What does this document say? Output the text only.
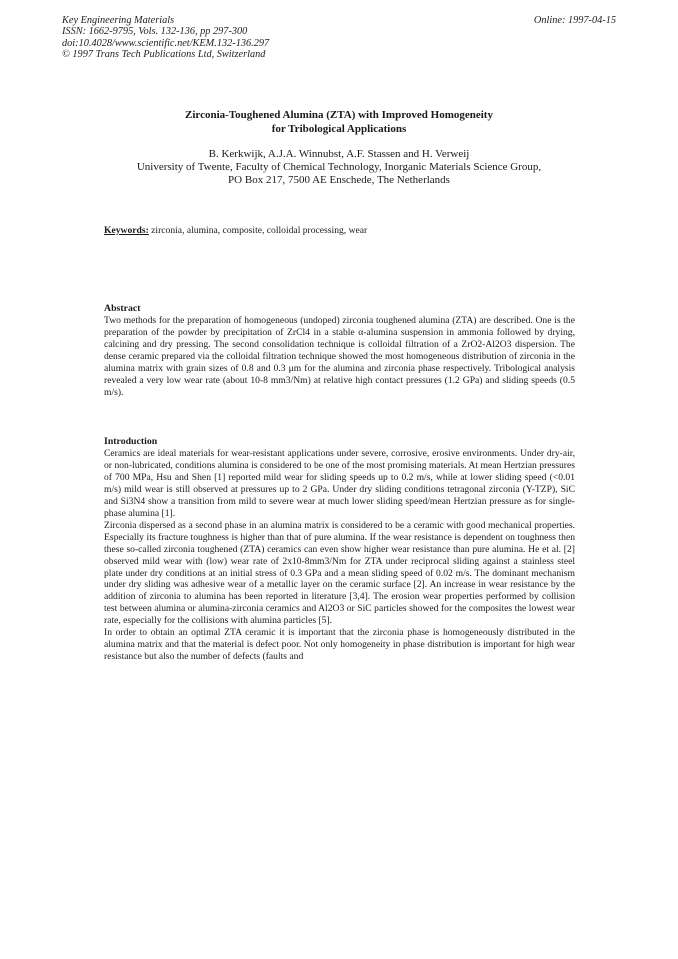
Key Engineering Materials
ISSN: 1662-9795, Vols. 132-136, pp 297-300
doi:10.4028/www.scientific.net/KEM.132-136.297
© 1997 Trans Tech Publications Ltd, Switzerland
Online: 1997-04-15
Zirconia-Toughened Alumina (ZTA) with Improved Homogeneity
for Tribological Applications
B. Kerkwijk, A.J.A. Winnubst, A.F. Stassen and H. Verweij
University of Twente, Faculty of Chemical Technology, Inorganic Materials Science Group,
PO Box 217, 7500 AE Enschede, The Netherlands
Keywords: zirconia, alumina, composite, colloidal processing, wear
Abstract

Two methods for the preparation of homogeneous (undoped) zirconia toughened alumina (ZTA) are described. One is the preparation of the powder by precipitation of ZrCl4 in a stable α-alumina suspension in ammonia followed by drying, calcining and dry pressing. The second consolidation technique is colloidal filtration of a ZrO2-Al2O3 dispersion. The dense ceramic prepared via the colloidal filtration technique showed the most homogeneous distribution of zirconia in the alumina matrix with grain sizes of 0.8 and 0.3 μm for the alumina and zirconia phase respectively. Tribological analysis revealed a very low wear rate (about 10-8 mm3/Nm) at relative high contact pressures (1.2 GPa) and sliding speeds (0.5 m/s).

Introduction

Ceramics are ideal materials for wear-resistant applications under severe, corrosive, erosive environments. Under dry-air, or non-lubricated, conditions alumina is considered to be one of the most promising materials. At mean Hertzian pressures of 700 MPa, Hsu and Shen [1] reported mild wear for sliding speeds up to 0.2 m/s, while at lower sliding speed (<0.01 m/s) mild wear is still observed at pressures up to 2 GPa. Under dry sliding conditions tetragonal zirconia (Y-TZP), SiC and Si3N4 show a transition from mild to severe wear at much lower sliding speed/mean Hertzian pressure as for single-phase alumina [1].

Zirconia dispersed as a second phase in an alumina matrix is considered to be a ceramic with good mechanical properties. Especially its fracture toughness is higher than that of pure alumina. If the wear resistance is dependent on toughness then these so-called zirconia toughened (ZTA) ceramics can even show higher wear resistance than pure alumina. He et al. [2] observed mild wear with (low) wear rate of 2x10-8mm3/Nm for ZTA under reciprocal sliding against a stainless steel plate under dry conditions at an initial stress of 0.3 GPa and a mean sliding speed of 0.02 m/s. The dominant mechanism under dry sliding was adhesive wear of a metallic layer on the ceramic surface [2]. An increase in wear resistance by the addition of zirconia to alumina has been reported in literature [3,4]. The erosion wear properties performed by collision test between alumina or alumina-zirconia ceramics and Al2O3 or SiC particles showed for the composites the lowest wear rate, especially for the collisions with alumina particles [5].

In order to obtain an optimal ZTA ceramic it is important that the zirconia phase is homogeneously distributed in the alumina matrix and that the material is defect poor. Not only homogeneity in phase distribution is important for high wear resistance but also the number of defects (faults and
